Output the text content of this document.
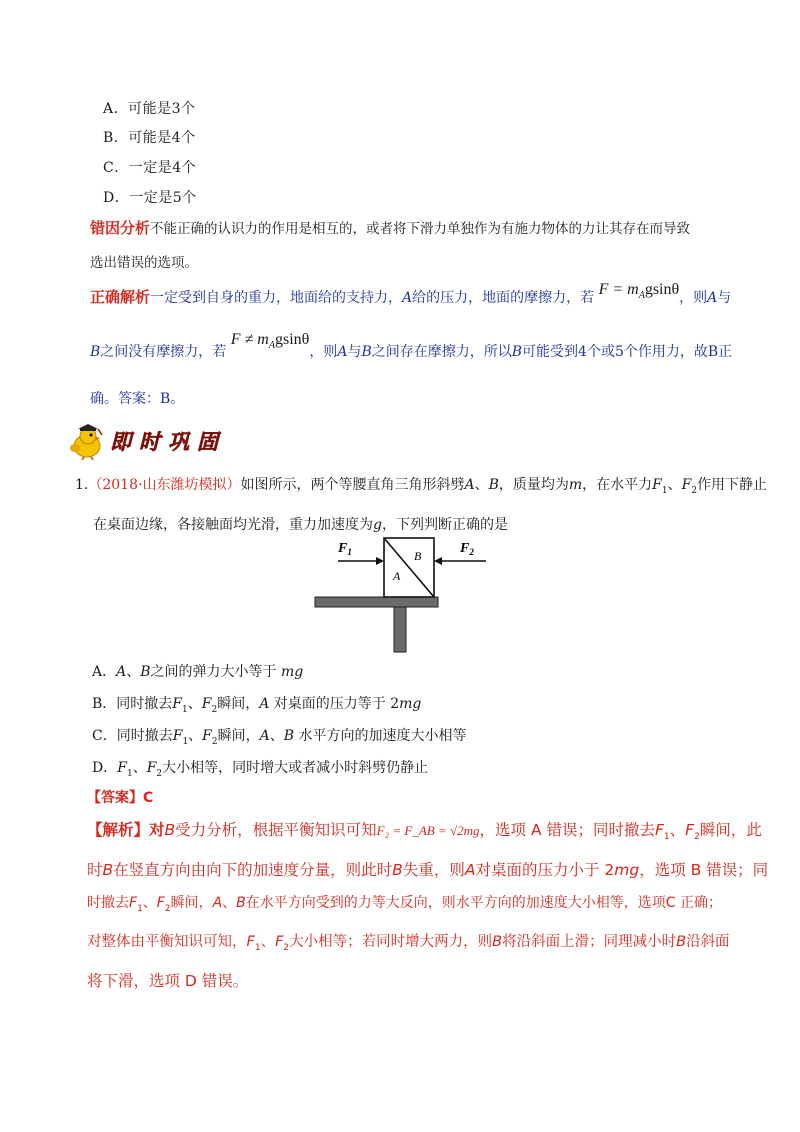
A．可能是3个
B．可能是4个
C．一定是4个
D．一定是5个
错因分析不能正确的认识力的作用是相互的，或者将下滑力单独作为有施力物体的力让其存在而导致
选出错误的选项。
正确解析一定受到自身的重力，地面给的支持力，A给的压力，地面的摩擦力，若 $F = m_Agsin\theta$，则A与
B之间没有摩擦力，若 $F \ne m_Agsin\theta$，则A与B之间存在摩擦力，所以B可能受到4个或5个作用力，故B正
确。答案：B。
即时巩固
1.（2018·山东潍坊模拟）如图所示，两个等腰直角三角形斜劈A、B，质量均为m，在水平力$F_1$、$F_2$作用下静止
在桌面边缘，各接触面均光滑，重力加速度为g，下列判断正确的是
$F_1$	$F_2$
A
B
A．A、B之间的弹力大小等于 mg
B．同时撤去$F_1$、$F_2$瞬间，A 对桌面的压力等于 2mg
C．同时撤去$F_1$、$F_2$瞬间，A、B 水平方向的加速度大小相等
D．$F_1$、$F_2$大小相等，同时增大或者减小时斜劈仍静止
【答案】C
【解析】对B受力分析，根据平衡知识可知F₂ = F_AB = √2mg，选项 A 错误；同时撤去$F_1$、$F_2$瞬间，此
时B在竖直方向由向下的加速度分量，则此时B失重，则A对桌面的压力小于 2mg，选项 B 错误；同
时撤去$F_1$、$F_2$瞬间，A、B在水平方向受到的力等大反向，则水平方向的加速度大小相等，选项C 正确；
对整体由平衡知识可知，$F_1$、$F_2$大小相等；若同时增大两力，则B将沿斜面上滑；同理减小时B沿斜面
将下滑，选项 D 错误。
